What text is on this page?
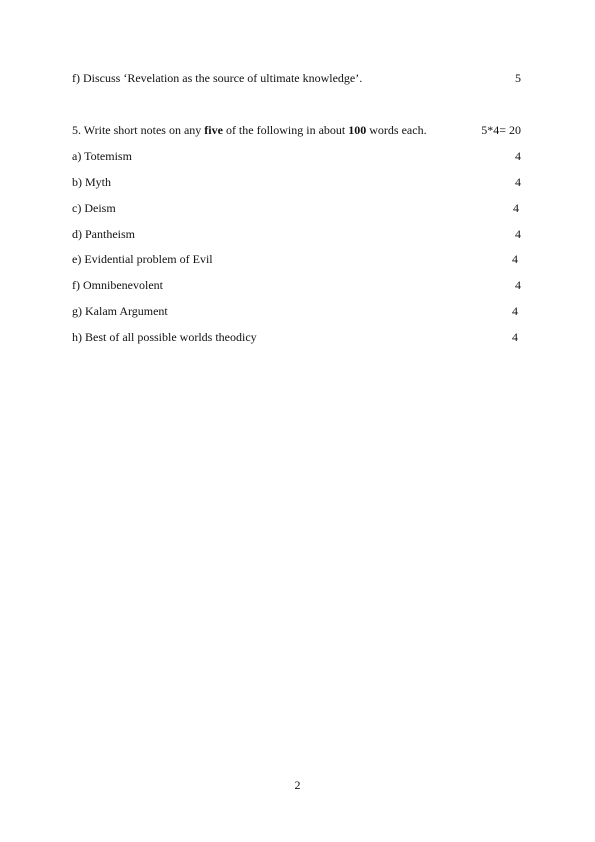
f) Discuss ‘Revelation as the source of ultimate knowledge’.	5
5. Write short notes on any five of the following in about 100 words each.	5*4= 20
a) Totemism	4
b) Myth	4
c) Deism	4
d) Pantheism	4
e) Evidential problem of Evil	4
f) Omnibenevolent	4
g) Kalam Argument	4
h) Best of all possible worlds theodicy	4
2
